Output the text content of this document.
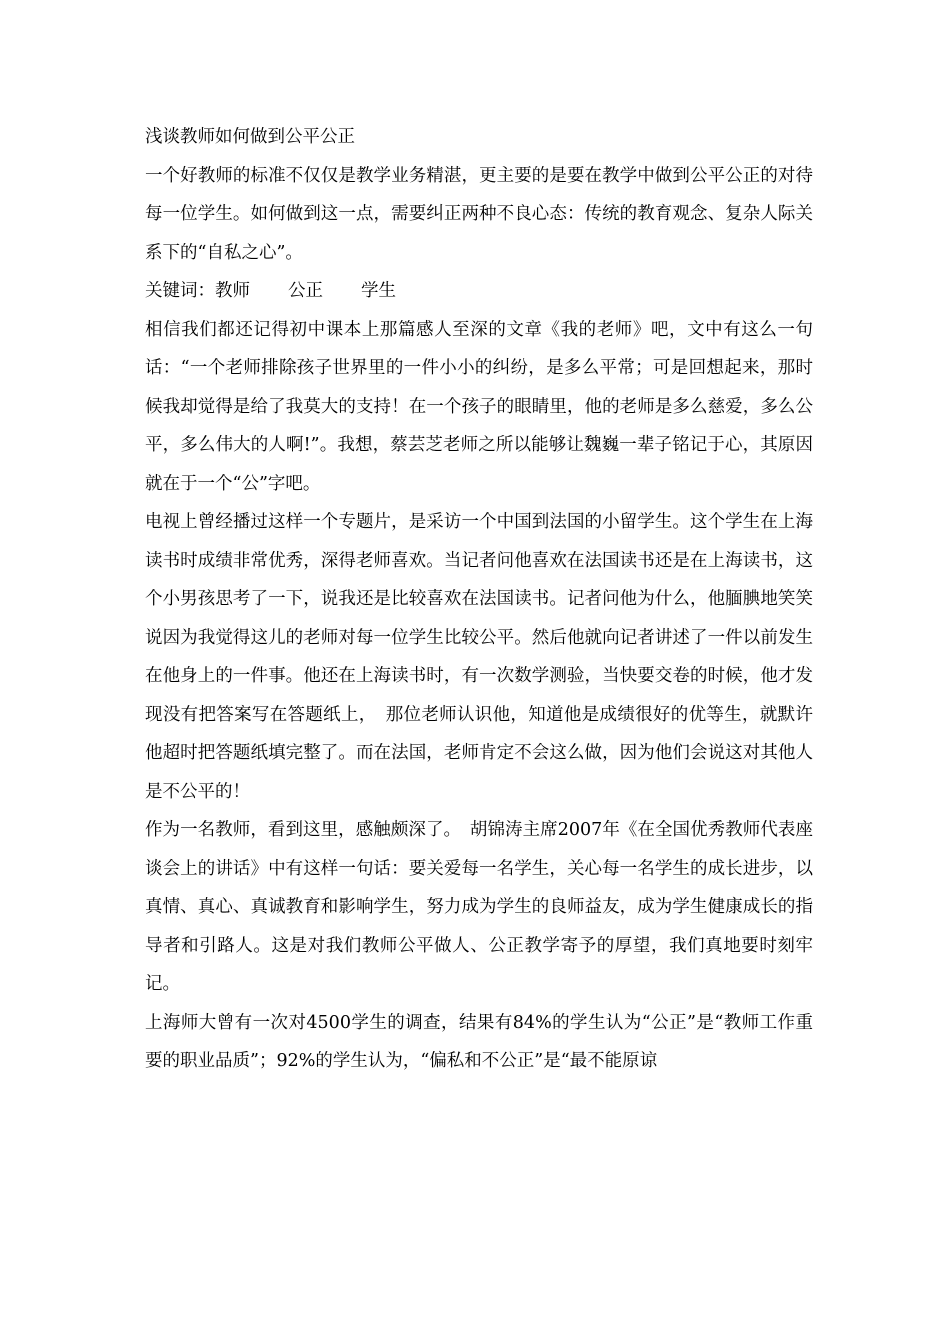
浅谈教师如何做到公平公正

一个好教师的标准不仅仅是教学业务精湛，更主要的是要在教学中做到公平公正的对待每一位学生。如何做到这一点，需要纠正两种不良心态：传统的教育观念、复杂人际关系下的“自私之心”。

关键词：教师 公正 学生

相信我们都还记得初中课本上那篇感人至深的文章《我的老师》吧，文中有这么一句话：“一个老师排除孩子世界里的一件小小的纠纷，是多么平常；可是回想起来，那时候我却觉得是给了我莫大的支持！在一个孩子的眼睛里，他的老师是多么慈爱，多么公平，多么伟大的人啊!”。我想，蔡芸芝老师之所以能够让魏巍一辈子铭记于心，其原因就在于一个“公”字吧。

电视上曾经播过这样一个专题片，是采访一个中国到法国的小留学生。这个学生在上海读书时成绩非常优秀，深得老师喜欢。当记者问他喜欢在法国读书还是在上海读书，这个小男孩思考了一下，说我还是比较喜欢在法国读书。记者问他为什么，他腼腆地笑笑说因为我觉得这儿的老师对每一位学生比较公平。然后他就向记者讲述了一件以前发生在他身上的一件事。他还在上海读书时，有一次数学测验，当快要交卷的时候，他才发现没有把答案写在答题纸上，　那位老师认识他，知道他是成绩很好的优等生，就默许他超时把答题纸填完整了。而在法国，老师肯定不会这么做，因为他们会说这对其他人是不公平的！

作为一名教师，看到这里，感触颇深了。　胡锦涛主席2007年《在全国优秀教师代表座谈会上的讲话》中有这样一句话：要关爱每一名学生，关心每一名学生的成长进步，以真情、真心、真诚教育和影响学生，努力成为学生的良师益友，成为学生健康成长的指导者和引路人。这是对我们教师公平做人、公正教学寄予的厚望，我们真地要时刻牢记。

上海师大曾有一次对4500学生的调查，结果有84%的学生认为“公正”是“教师工作重要的职业品质”；92%的学生认为，“偏私和不公正”是“最不能原谅
